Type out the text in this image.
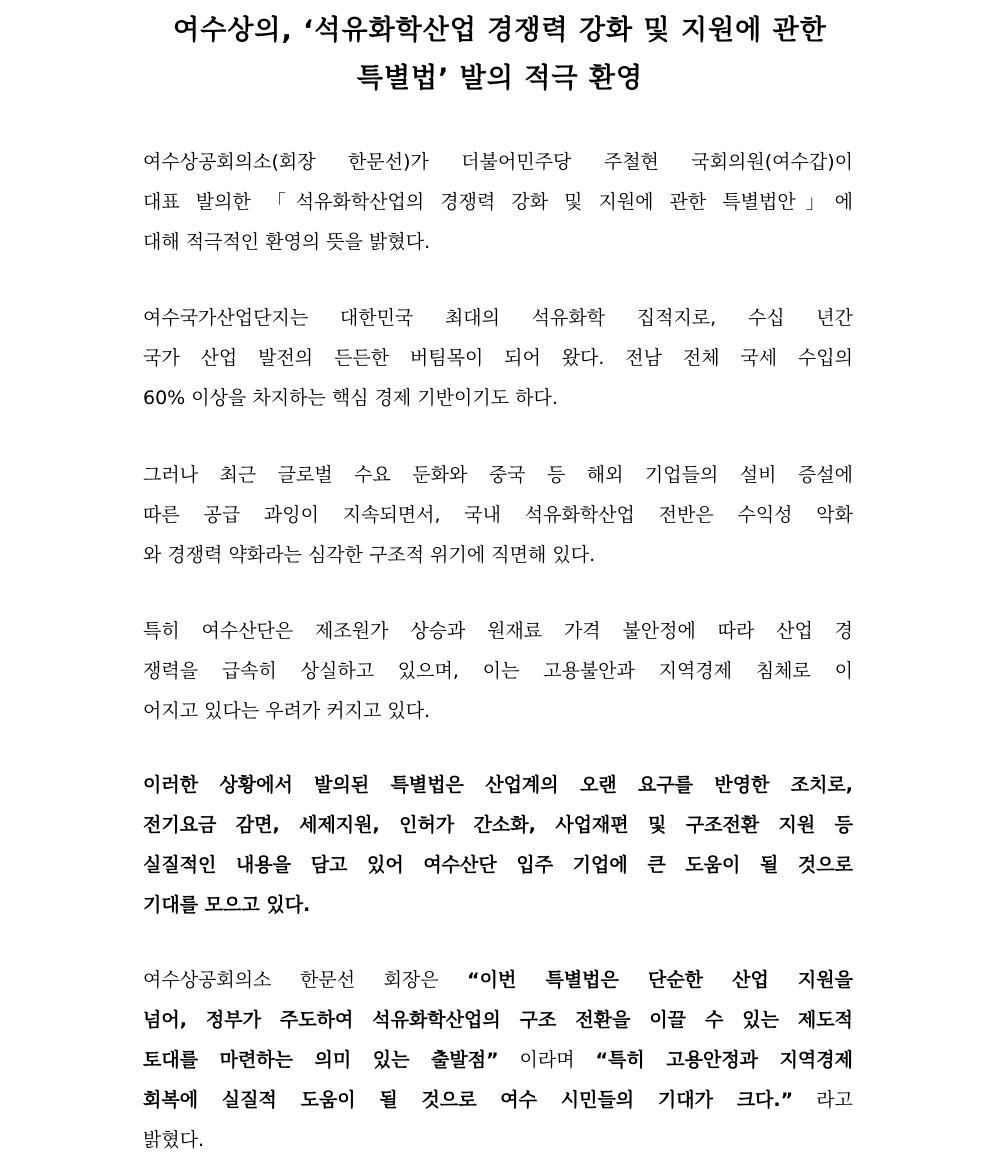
여수상의, ‘석유화학산업 경쟁력 강화 및 지원에 관한
특별법’ 발의 적극 환영
여수상공회의소(회장 한문선)가 더불어민주당 주철현 국회의원(여수갑)이
대표 발의한 「석유화학산업의 경쟁력 강화 및 지원에 관한 특별법안」에
대해 적극적인 환영의 뜻을 밝혔다.
여수국가산업단지는 대한민국 최대의 석유화학 집적지로, 수십 년간
국가 산업 발전의 든든한 버팀목이 되어 왔다. 전남 전체 국세 수입의
60% 이상을 차지하는 핵심 경제 기반이기도 하다.
그러나 최근 글로벌 수요 둔화와 중국 등 해외 기업들의 설비 증설에
따른 공급 과잉이 지속되면서, 국내 석유화학산업 전반은 수익성 악화
와 경쟁력 약화라는 심각한 구조적 위기에 직면해 있다.
특히 여수산단은 제조원가 상승과 원재료 가격 불안정에 따라 산업 경
쟁력을 급속히 상실하고 있으며, 이는 고용불안과 지역경제 침체로 이
어지고 있다는 우려가 커지고 있다.
이러한 상황에서 발의된 특별법은 산업계의 오랜 요구를 반영한 조치로,
전기요금 감면, 세제지원, 인허가 간소화, 사업재편 및 구조전환 지원 등
실질적인 내용을 담고 있어 여수산단 입주 기업에 큰 도움이 될 것으로
기대를 모으고 있다.
여수상공회의소 한문선 회장은 “이번 특별법은 단순한 산업 지원을
넘어, 정부가 주도하여 석유화학산업의 구조 전환을 이끌 수 있는 제도적
토대를 마련하는 의미 있는 출발점” 이라며 “특히 고용안정과 지역경제
회복에 실질적 도움이 될 것으로 여수 시민들의 기대가 크다.” 라고
밝혔다.
